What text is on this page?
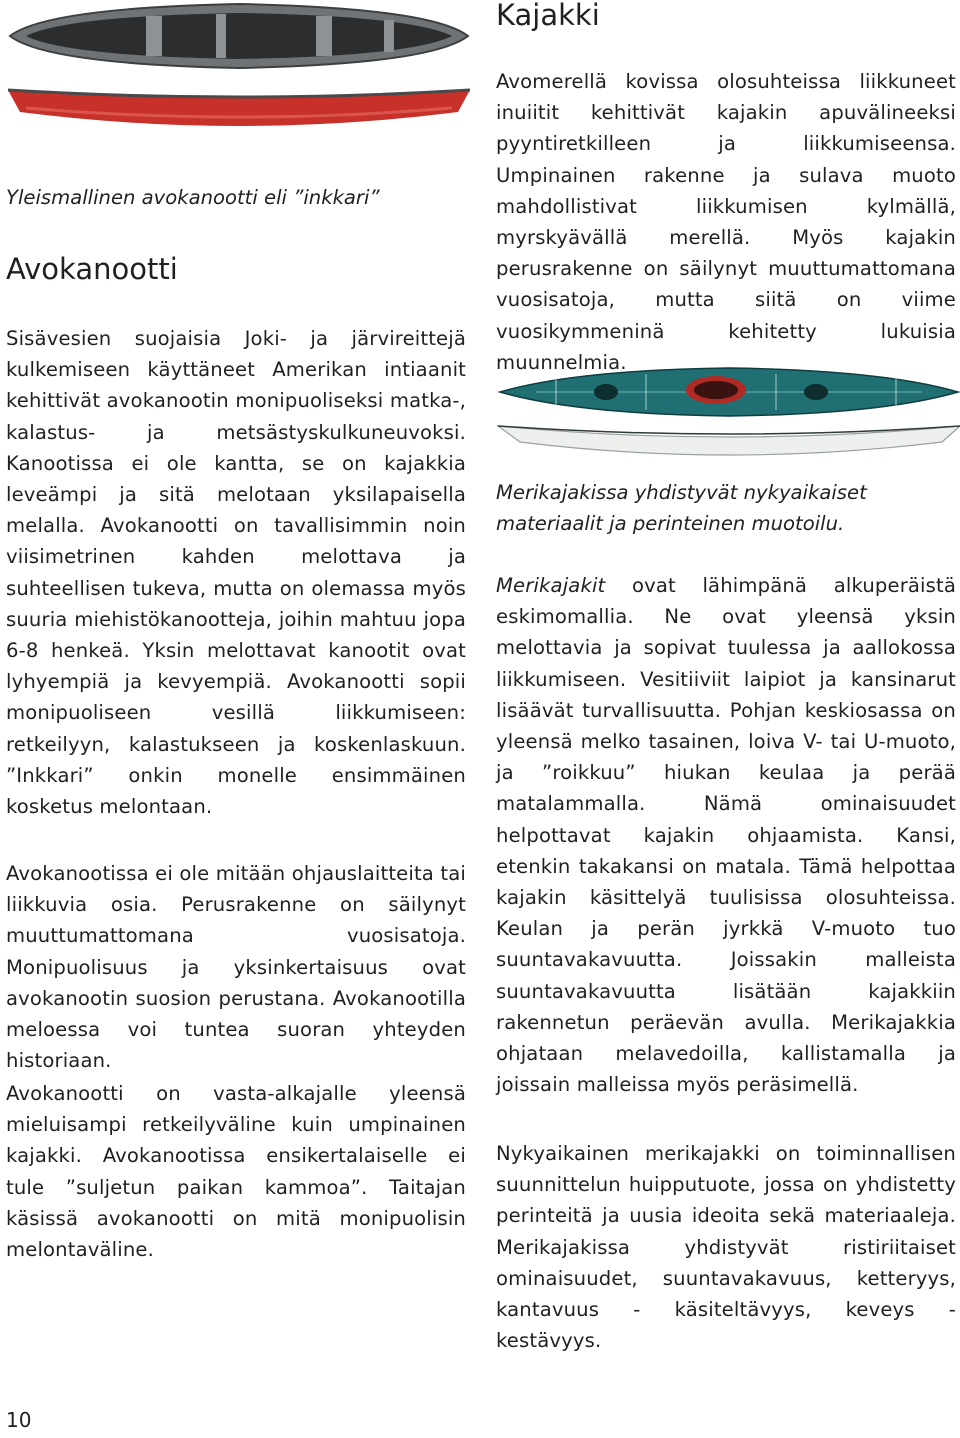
Yleismallinen avokanootti eli ”inkkari”
Avokanootti

Sisävesien suojaisia Joki- ja järvireittejä kulkemiseen käyttäneet Amerikan intiaanit kehittivät avokanootin monipuoliseksi matka-, kalastus- ja metsästyskulkuneuvoksi. Kanootissa ei ole kantta, se on kajakkia leveämpi ja sitä melotaan yksilapaisella melalla. Avokanootti on tavallisimmin noin viisimetrinen kahden melottava ja suhteellisen tukeva, mutta on olemassa myös suuria miehistökanootteja, joihin mahtuu jopa 6-8 henkeä. Yksin melottavat kanootit ovat lyhyempiä ja kevyempiä. Avokanootti sopii monipuoliseen vesillä liikkumiseen: retkeilyyn, kalastukseen ja koskenlaskuun. ”Inkkari” onkin monelle ensimmäinen kosketus melontaan.

Avokanootissa ei ole mitään ohjauslaitteita tai liikkuvia osia. Perusrakenne on säilynyt muuttumattomana vuosisatoja. Monipuolisuus ja yksinkertaisuus ovat avokanootin suosion perustana. Avokanootilla meloessa voi tuntea suoran yhteyden historiaan.

Avokanootti on vasta-alkajalle yleensä mieluisampi retkeilyväline kuin umpinainen kajakki. Avokanootissa ensikertalaiselle ei tule ”suljetun paikan kammoa”. Taitajan käsissä avokanootti on mitä monipuolisin melontaväline.

Kajakki

Avomerellä kovissa olosuhteissa liikkuneet inuiitit kehittivät kajakin apuvälineeksi pyyntiretkilleen ja liikkumiseensa. Umpinainen rakenne ja sulava muoto mahdollistivat liikkumisen kylmällä, myrskyävällä merellä. Myös kajakin perusrakenne on säilynyt muuttumattomana vuosisatoja, mutta siitä on viime vuosikymmeninä kehitetty lukuisia muunnelmia.

Merikajakissa yhdistyvät nykyaikaiset materiaalit ja perinteinen muotoilu.

Merikajakit ovat lähimpänä alkuperäistä eskimomallia. Ne ovat yleensä yksin melottavia ja sopivat tuulessa ja aallokossa liikkumiseen. Vesitiiviit laipiot ja kansinarut lisäävät turvallisuutta. Pohjan keskiosassa on yleensä melko tasainen, loiva V- tai U-muoto, ja ”roikkuu” hiukan keulaa ja perää matalammalla. Nämä ominaisuudet helpottavat kajakin ohjaamista. Kansi, etenkin takakansi on matala. Tämä helpottaa kajakin käsittelyä tuulisissa olosuhteissa. Keulan ja perän jyrkkä V-muoto tuo suuntavakavuutta. Joissakin malleista suuntavakavuutta lisätään kajakkiin rakennetun peräevän avulla. Merikajakkia ohjataan melavedoilla, kallistamalla ja joissain malleissa myös peräsimellä.

Nykyaikainen merikajakki on toiminnallisen suunnittelun huipputuote, jossa on yhdistetty perinteitä ja uusia ideoita sekä materiaaleja. Merikajakissa yhdistyvät ristiriitaiset ominaisuudet, suuntavakavuus, ketteryys, kantavuus - käsiteltävyys, keveys - kestävyys.

10
